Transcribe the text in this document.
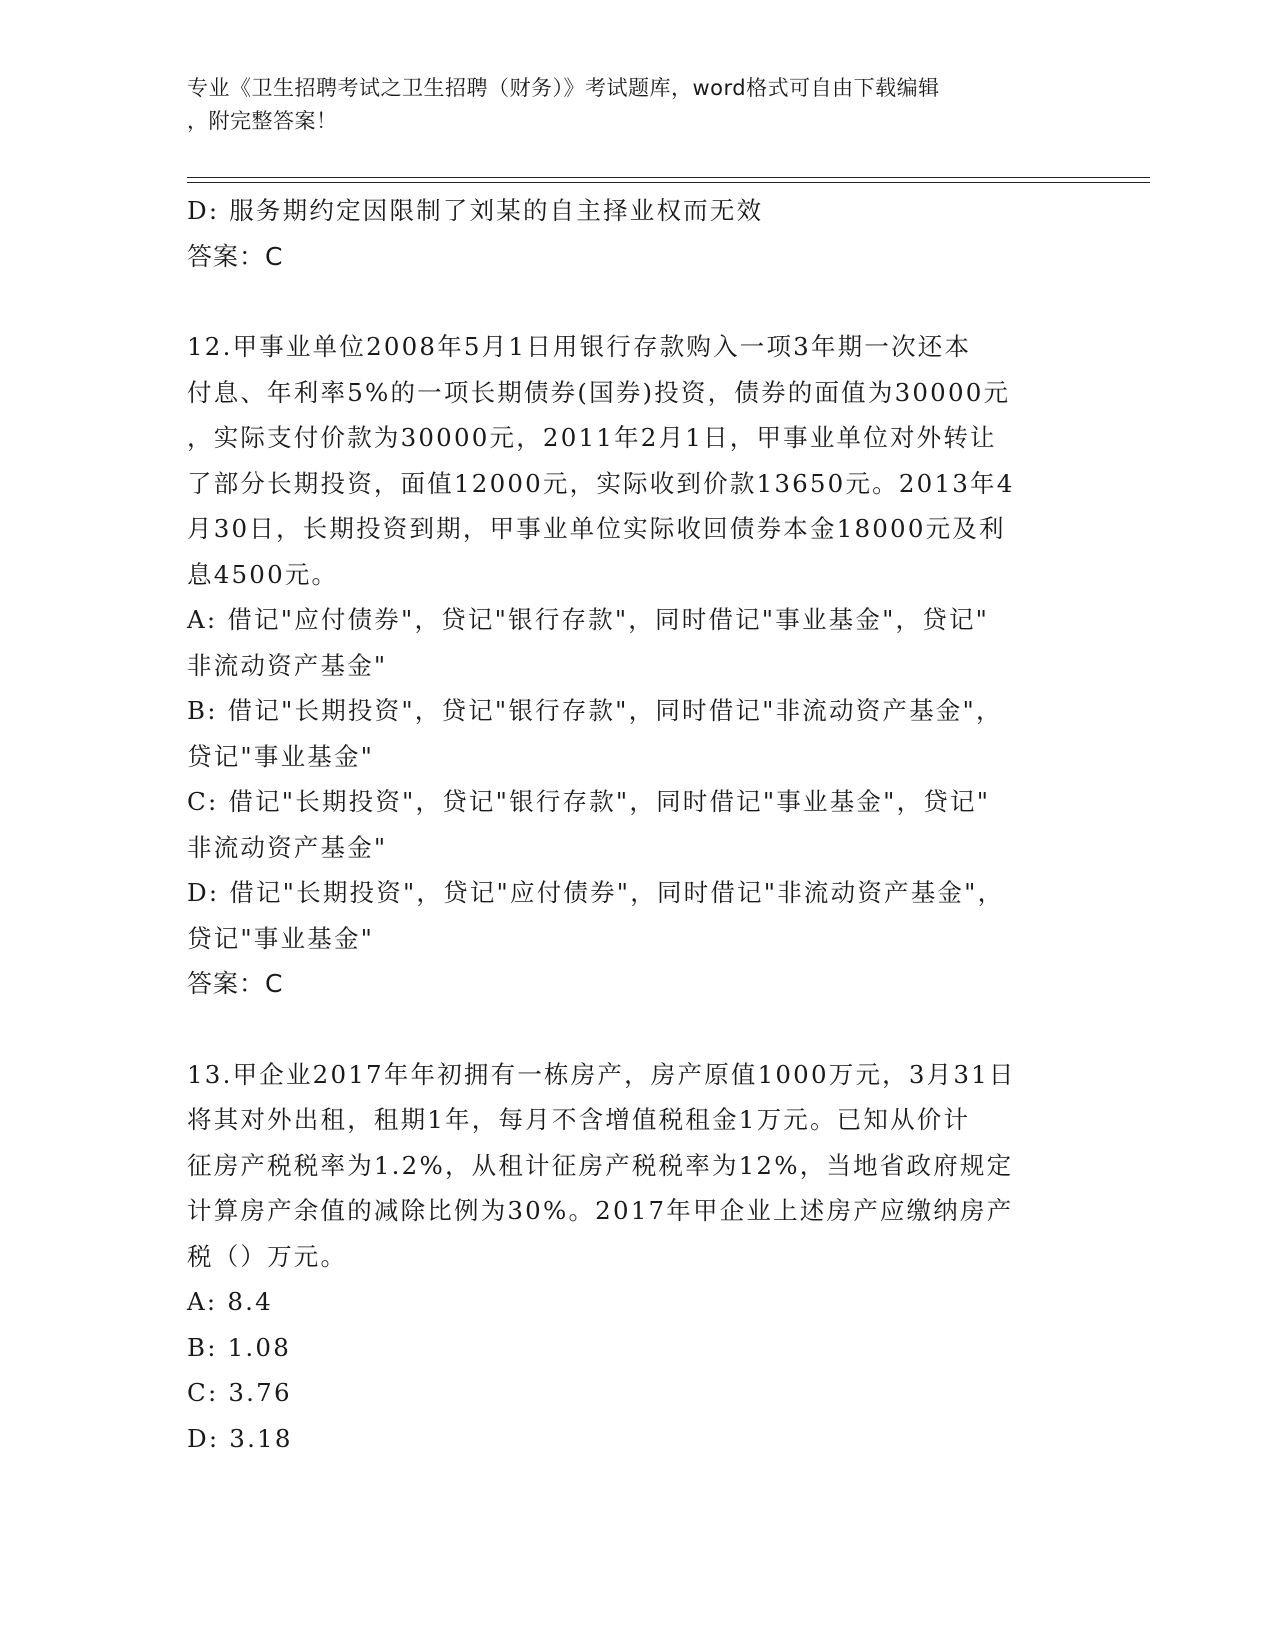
专业《卫生招聘考试之卫生招聘（财务）》考试题库，word格式可自由下载编辑
，附完整答案！
D: 服务期约定因限制了刘某的自主择业权而无效
答案：C
12.甲事业单位2008年5月1日用银行存款购入一项3年期一次还本
付息、年利率5%的一项长期债券(国券)投资，债券的面值为30000元
，实际支付价款为30000元，2011年2月1日，甲事业单位对外转让
了部分长期投资，面值12000元，实际收到价款13650元。2013年4
月30日，长期投资到期，甲事业单位实际收回债券本金18000元及利
息4500元。
A: 借记"应付债券"，贷记"银行存款"，同时借记"事业基金"，贷记"
非流动资产基金"
B: 借记"长期投资"，贷记"银行存款"，同时借记"非流动资产基金"，
贷记"事业基金"
C: 借记"长期投资"，贷记"银行存款"，同时借记"事业基金"，贷记"
非流动资产基金"
D: 借记"长期投资"，贷记"应付债券"，同时借记"非流动资产基金"，
贷记"事业基金"
答案：C
13.甲企业2017年年初拥有一栋房产，房产原值1000万元，3月31日
将其对外出租，租期1年，每月不含增值税租金1万元。已知从价计
征房产税税率为1.2%，从租计征房产税税率为12%，当地省政府规定
计算房产余值的减除比例为30%。2017年甲企业上述房产应缴纳房产
税（）万元。
A: 8.4
B: 1.08
C: 3.76
D: 3.18
